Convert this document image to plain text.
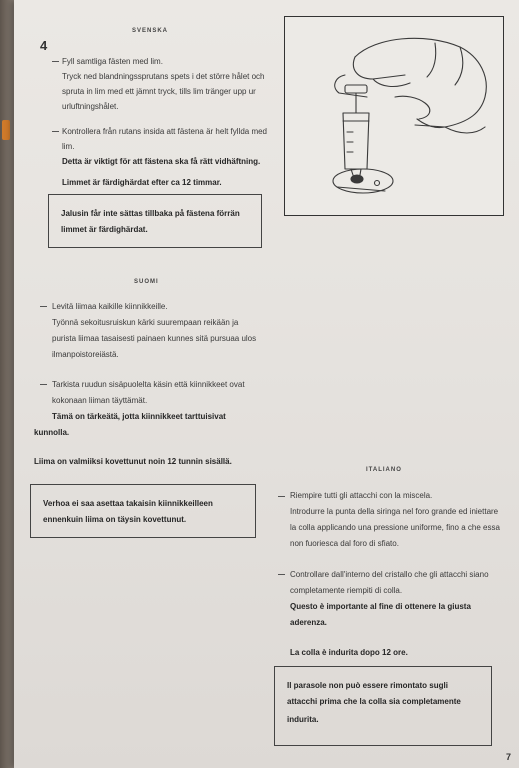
4
SVENSKA
Fyll samtliga fästen med lim.
Tryck ned blandningssprutans spets i det större hålet och
spruta in lim med ett jämnt tryck, tills lim tränger upp ur
urluftningshålet.
Kontrollera från rutans insida att fästena är helt fyllda med
lim.
Detta är viktigt för att fästena ska få rätt vidhäftning.
Limmet är färdighärdat efter ca 12 timmar.
Jalusin får inte sättas tillbaka på fästena förrän
limmet är färdighärdat.
SUOMI
Levitä liimaa kaikille kiinnikkeille.
Työnnä sekoitusruiskun kärki suurempaan reikään ja
purista liimaa tasaisesti painaen kunnes sitä pursuaa ulos
ilmanpoistoreiästä.
Tarkista ruudun sisäpuolelta käsin että kiinnikkeet ovat
kokonaan liiman täyttämät.
Tämä on tärkeätä, jotta kiinnikkeet tarttuisivat
kunnolla.
Liima on valmiiksi kovettunut noin 12 tunnin sisällä.
Verhoa ei saa asettaa takaisin kiinnikkeilleen
ennenkuin liima on täysin kovettunut.
ITALIANO
Riempire tutti gli attacchi con la miscela.
Introdurre la punta della siringa nel foro grande ed iniettare
la colla applicando una pressione uniforme, fino a che essa
non fuoriesca dal foro di sfiato.
Controllare dall'interno del cristallo che gli attacchi siano
completamente riempiti di colla.
Questo è importante al fine di ottenere la giusta
aderenza.
La colla è indurita dopo 12 ore.
Il parasole non può essere rimontato sugli
attacchi prima che la colla sia completamente
indurita.
7
